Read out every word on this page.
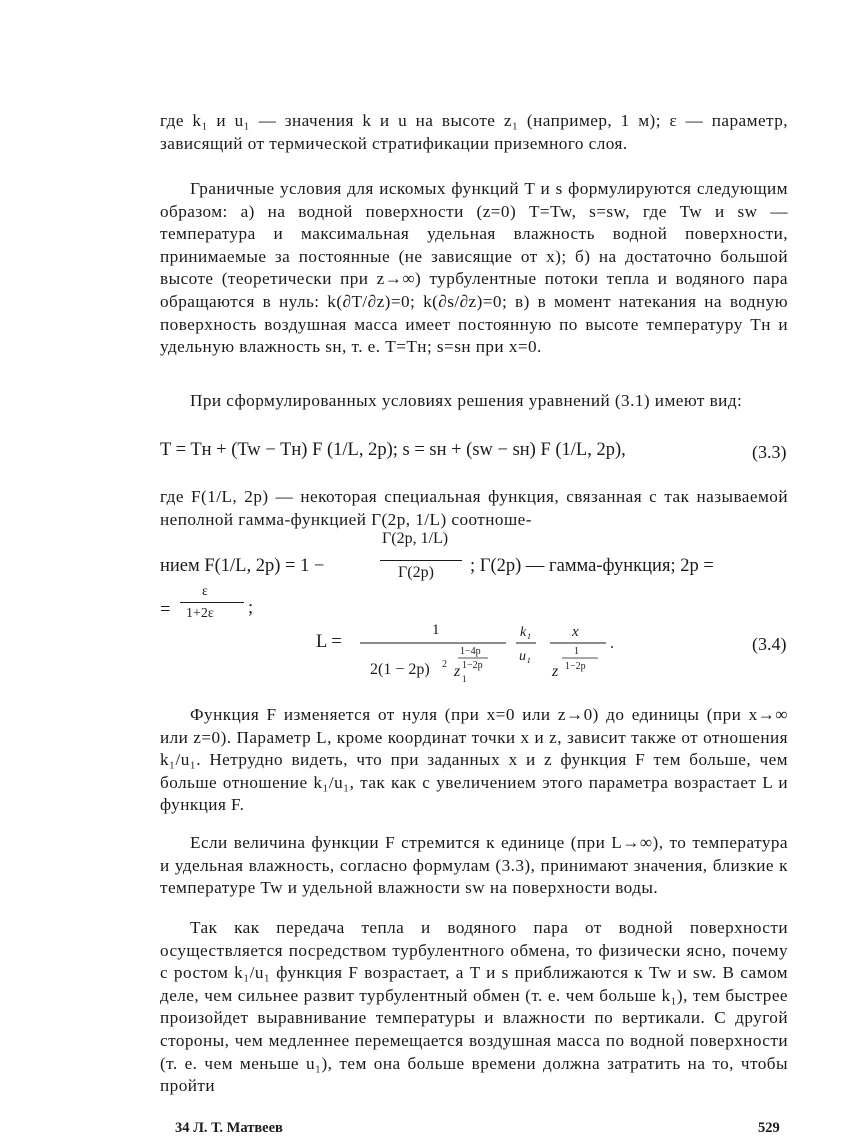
где k₁ и u₁ — значения k и u на высоте z₁ (например, 1 м); ε — параметр, зависящий от термической стратификации приземного слоя.

Граничные условия для искомых функций T и s формулируются следующим образом: а) на водной поверхности (z=0) T=Tw, s=sw, где Tw и sw — температура и максимальная удельная влажность водной поверхности, принимаемые за постоянные (не зависящие от x); б) на достаточно большой высоте (теоретически при z→∞) турбулентные потоки тепла и водяного пара обращаются в нуль: k(∂T/∂z)=0; k(∂s/∂z)=0; в) в момент натекания на водную поверхность воздушная масса имеет постоянную по высоте температуру Tн и удельную влажность sн, т. е. T=Tн; s=sн при x=0.

При сформулированных условиях решения уравнений (3.1) имеют вид:

T = Tн + (Tw − Tн) F (1/L, 2p); s = sн + (sw − sн) F (1/L, 2p),	(3.3)

где F(1/L, 2p) — некоторая специальная функция, связанная с так называемой неполной гамма-функцией Γ(2p, 1/L) соотноше-

нием F(1/L, 2p) = 1 −
Γ(2p, 1/L)
Γ(2p) ; Γ(2p) — гамма-функция; 2p =
=
ε
1+2ε ;
L =
1
2(1 − 2p) 2 z 1
1−4p
1−2p
k₁
u₁
x
z
1
1−2p
.	(3.4)

Функция F изменяется от нуля (при x=0 или z→0) до единицы (при x→∞ или z=0). Параметр L, кроме координат точки x и z, зависит также от отношения k₁/u₁. Нетрудно видеть, что при заданных x и z функция F тем больше, чем больше отношение k₁/u₁, так как с увеличением этого параметра возрастает L и функция F.

Если величина функции F стремится к единице (при L→∞), то температура и удельная влажность, согласно формулам (3.3), принимают значения, близкие к температуре Tw и удельной влажности sw на поверхности воды.

Так как передача тепла и водяного пара от водной поверхности осуществляется посредством турбулентного обмена, то физически ясно, почему с ростом k₁/u₁ функция F возрастает, а T и s приближаются к Tw и sw. В самом деле, чем сильнее развит турбулентный обмен (т. е. чем больше k₁), тем быстрее произойдет выравнивание температуры и влажности по вертикали. С другой стороны, чем медленнее перемещается воздушная масса по водной поверхности (т. е. чем меньше u₁), тем она больше времени должна затратить на то, чтобы пройти

34 Л. Т. Матвеев	529
